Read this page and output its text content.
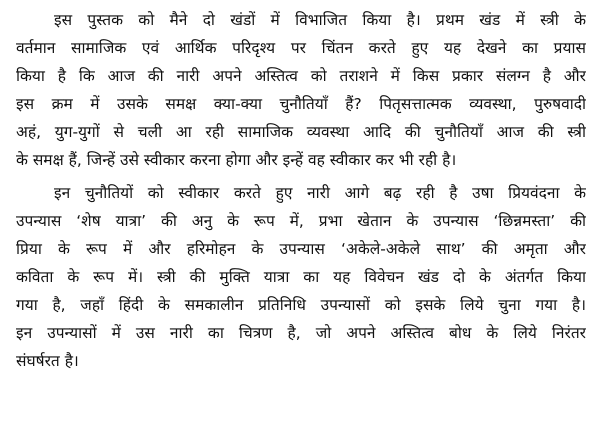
इस पुस्तक को मैने दो खंडों में विभाजित किया है। प्रथम खंड में स्त्री के
वर्तमान सामाजिक एवं आर्थिक परिदृश्य पर चिंतन करते हुए यह देखने का प्रयास
किया है कि आज की नारी अपने अस्तित्व को तराशने में किस प्रकार संलग्न है और
इस क्रम में उसके समक्ष क्या-क्या चुनौतियाँ हैं? पितृसत्तात्मक व्यवस्था, पुरुषवादी
अहं, युग-युगों से चली आ रही सामाजिक व्यवस्था आदि की चुनौतियाँ आज की स्त्री
के समक्ष हैं, जिन्हें उसे स्वीकार करना होगा और इन्हें वह स्वीकार कर भी रही है।
इन चुनौतियों को स्वीकार करते हुए नारी आगे बढ़ रही है उषा प्रियवंदना के
उपन्यास ‘शेष यात्रा’ की अनु के रूप में, प्रभा खेतान के उपन्यास ‘छिन्नमस्ता’ की
प्रिया के रूप में और हरिमोहन के उपन्यास ‘अकेले-अकेले साथ’ की अमृता और
कविता के रूप में। स्त्री की मुक्ति यात्रा का यह विवेचन खंड दो के अंतर्गत किया
गया है, जहाँ हिंदी के समकालीन प्रतिनिधि उपन्यासों को इसके लिये चुना गया है।
इन उपन्यासों में उस नारी का चित्रण है, जो अपने अस्तित्व बोध के लिये निरंतर
संघर्षरत है।
